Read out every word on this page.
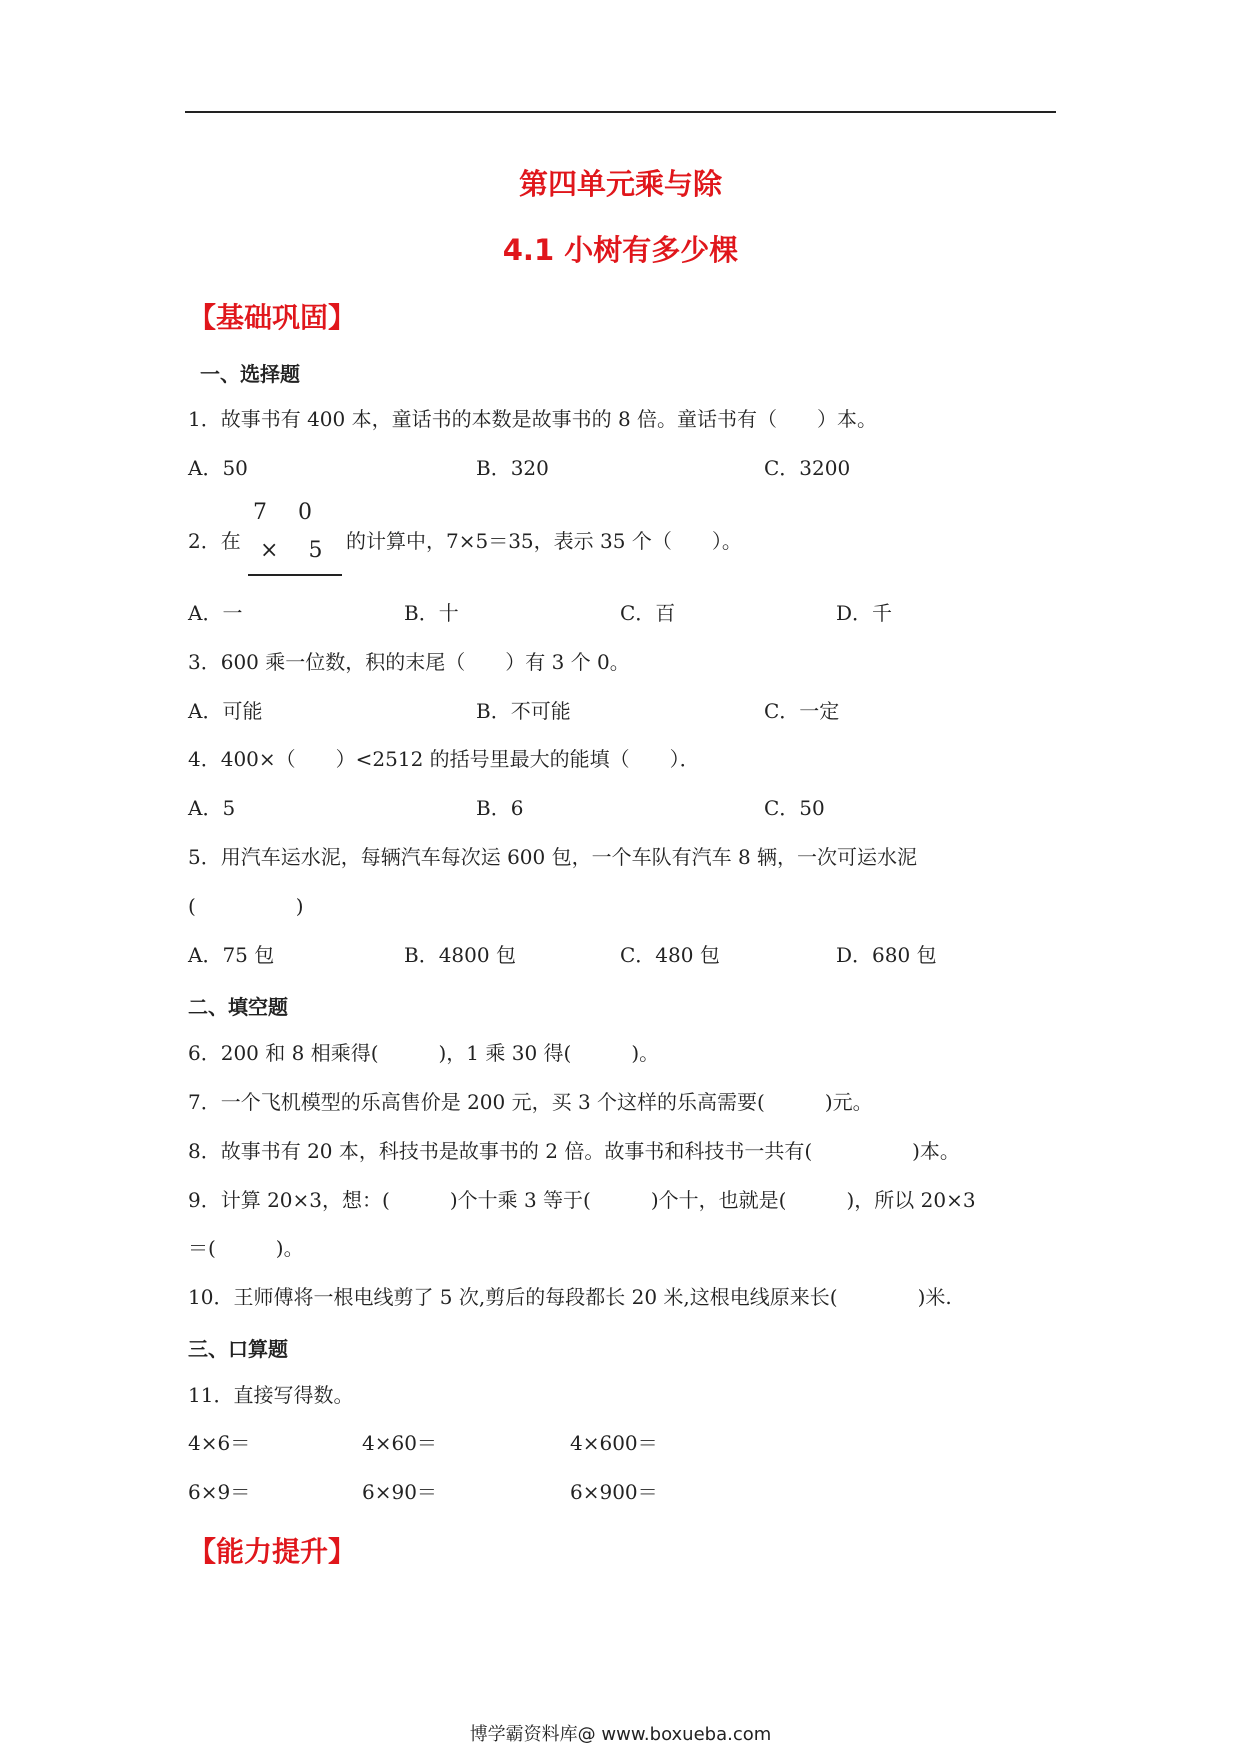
第四单元乘与除
4.1 小树有多少棵
【基础巩固】
一、选择题
1．故事书有 400 本，童话书的本数是故事书的 8 倍。童话书有（　　）本。
A．50	B．320	C．3200
2．在
7 0
× 5 的计算中，7×5＝35，表示 35 个（　　）。
A．一	B．十	C．百	D．千
3．600 乘一位数，积的末尾（　　）有 3 个 0。
A．可能	B．不可能	C．一定
4．400×（　　）<2512 的括号里最大的能填（　　）．
A．5	B．6	C．50
5．用汽车运水泥，每辆汽车每次运 600 包，一个车队有汽车 8 辆，一次可运水泥
(　　　　　)
A．75 包	B．4800 包	C．480 包	D．680 包
二、填空题
6．200 和 8 相乘得(　　　)，1 乘 30 得(　　　)。
7．一个飞机模型的乐高售价是 200 元，买 3 个这样的乐高需要(　　　)元。
8．故事书有 20 本，科技书是故事书的 2 倍。故事书和科技书一共有(　　　　　)本。
9．计算 20×3，想：(　　　)个十乘 3 等于(　　　)个十，也就是(　　　)，所以 20×3
＝(　　　)。
10．王师傅将一根电线剪了 5 次,剪后的每段都长 20 米,这根电线原来长(　　　　)米.
三、口算题
11．直接写得数。
4×6＝	4×60＝	4×600＝
6×9＝	6×90＝	6×900＝
【能力提升】
博学霸资料库@ www.boxueba.com
